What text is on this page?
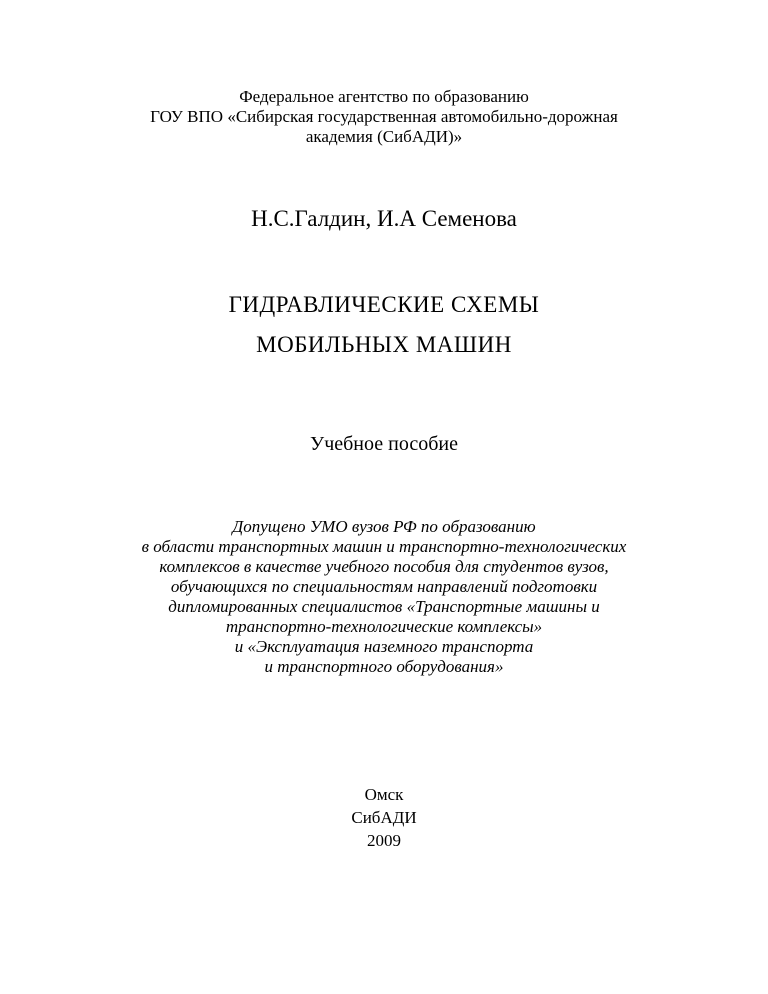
Федеральное агентство по образованию
ГОУ ВПО «Сибирская государственная автомобильно-дорожная
академия (СибАДИ)»
Н.С.Галдин, И.А Семенова
ГИДРАВЛИЧЕСКИЕ СХЕМЫ
МОБИЛЬНЫХ МАШИН
Учебное пособие
Допущено УМО вузов РФ по образованию
в области транспортных машин и транспортно-технологических
комплексов в качестве учебного пособия для студентов вузов,
обучающихся по специальностям направлений подготовки
дипломированных специалистов «Транспортные машины и
транспортно-технологические комплексы»
и «Эксплуатация наземного транспорта
и транспортного оборудования»
Омск
СибАДИ
2009
